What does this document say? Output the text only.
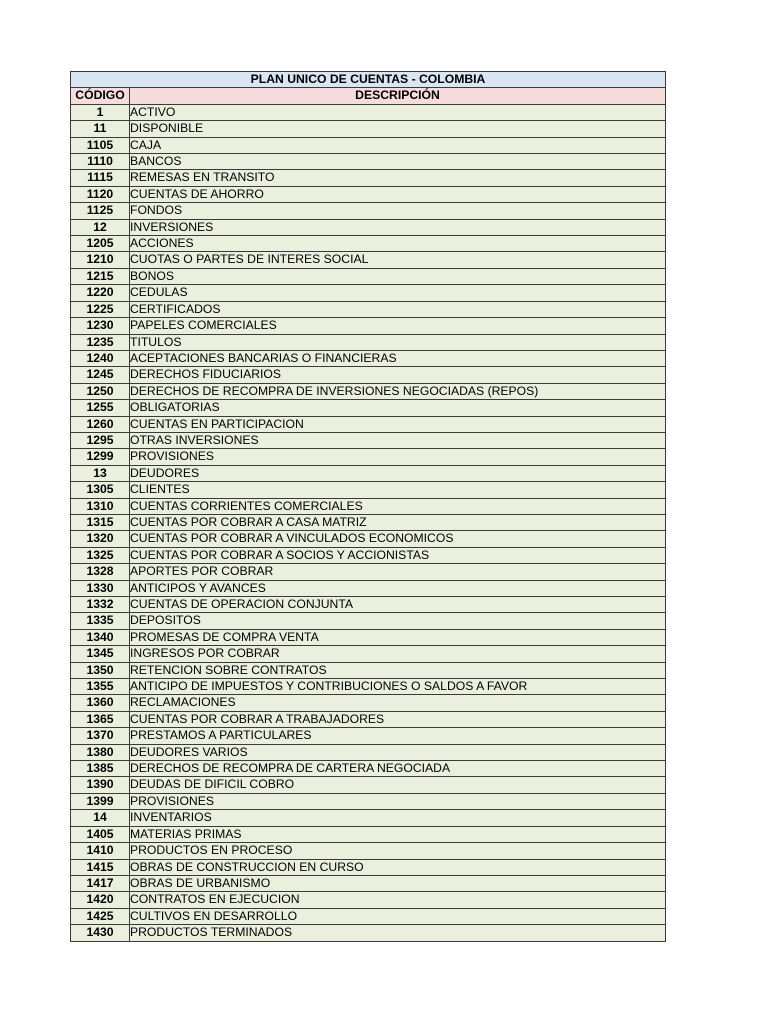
PLAN UNICO DE CUENTAS - COLOMBIA	
CÓDIGO	DESCRIPCIÓN
1	ACTIVO
11	DISPONIBLE
1105	CAJA
1110	BANCOS
1115	REMESAS EN TRANSITO
1120	CUENTAS DE AHORRO
1125	FONDOS
12	INVERSIONES
1205	ACCIONES
1210	CUOTAS O PARTES DE INTERES SOCIAL
1215	BONOS
1220	CEDULAS
1225	CERTIFICADOS
1230	PAPELES COMERCIALES
1235	TITULOS
1240	ACEPTACIONES BANCARIAS O FINANCIERAS
1245	DERECHOS FIDUCIARIOS
1250	DERECHOS DE RECOMPRA DE INVERSIONES NEGOCIADAS (REPOS)
1255	OBLIGATORIAS
1260	CUENTAS EN PARTICIPACION
1295	OTRAS INVERSIONES
1299	PROVISIONES
13	DEUDORES
1305	CLIENTES
1310	CUENTAS CORRIENTES COMERCIALES
1315	CUENTAS POR COBRAR A CASA MATRIZ
1320	CUENTAS POR COBRAR A VINCULADOS ECONOMICOS
1325	CUENTAS POR COBRAR A SOCIOS Y ACCIONISTAS
1328	APORTES POR COBRAR
1330	ANTICIPOS Y AVANCES
1332	CUENTAS DE OPERACION CONJUNTA
1335	DEPOSITOS
1340	PROMESAS DE COMPRA VENTA
1345	INGRESOS POR COBRAR
1350	RETENCION SOBRE CONTRATOS
1355	ANTICIPO DE IMPUESTOS Y CONTRIBUCIONES O SALDOS A FAVOR
1360	RECLAMACIONES
1365	CUENTAS POR COBRAR A TRABAJADORES
1370	PRESTAMOS A PARTICULARES
1380	DEUDORES VARIOS
1385	DERECHOS DE RECOMPRA DE CARTERA NEGOCIADA
1390	DEUDAS DE DIFICIL COBRO
1399	PROVISIONES
14	INVENTARIOS
1405	MATERIAS PRIMAS
1410	PRODUCTOS EN PROCESO
1415	OBRAS DE CONSTRUCCION EN CURSO
1417	OBRAS DE URBANISMO
1420	CONTRATOS EN EJECUCION
1425	CULTIVOS EN DESARROLLO
1430	PRODUCTOS TERMINADOS
